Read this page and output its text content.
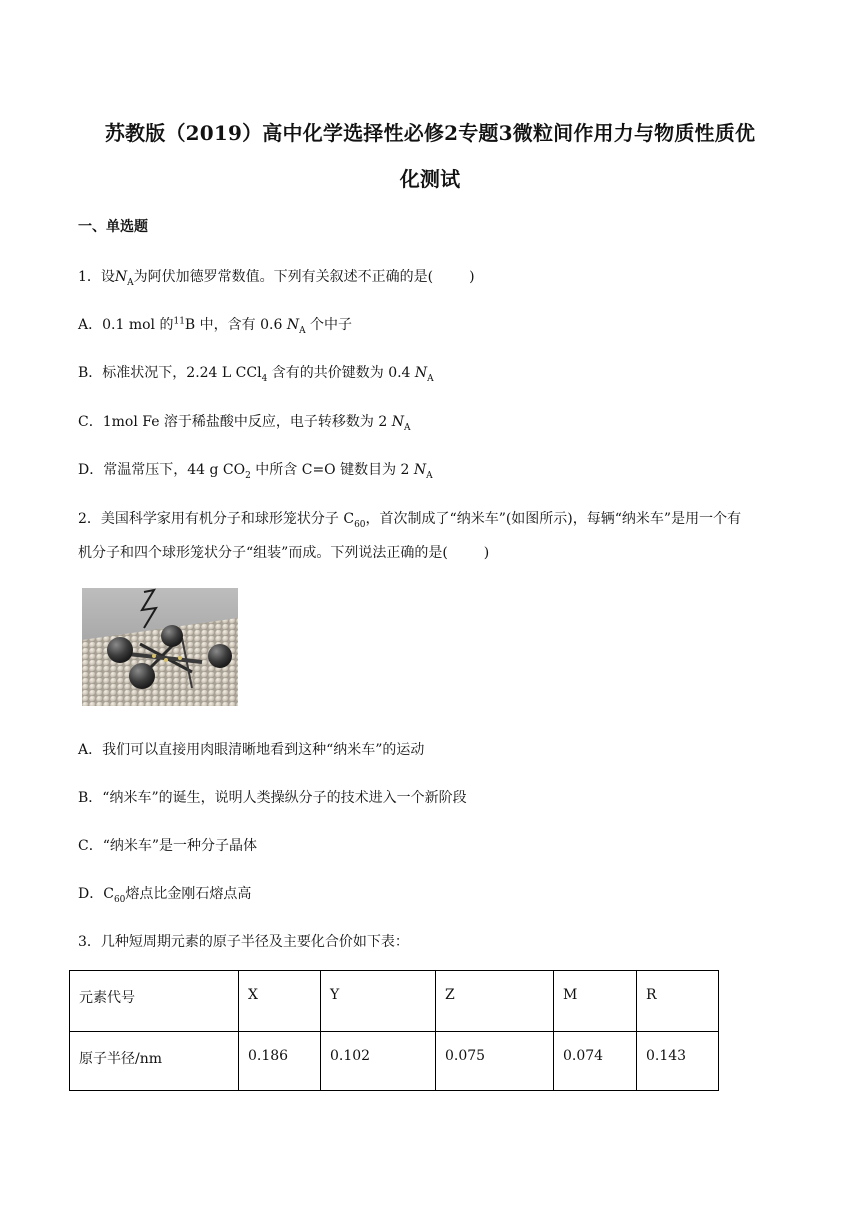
苏教版（2019）高中化学选择性必修2专题3微粒间作用力与物质性质优
化测试
一、单选题
1．设$N_A$为阿伏加德罗常数值。下列有关叙述不正确的是(	)
A．0.1 mol 的$^{11}$B 中，含有 0.6 $N_A$ 个中子
B．标准状况下，2.24 L CCl$_4$ 含有的共价键数为 0.4 $N_A$
C．1mol Fe 溶于稀盐酸中反应，电子转移数为 2 $N_A$
D．常温常压下，44 g $CO_2$ 中所含 C=O 键数目为 2 $N_A$
2．美国科学家用有机分子和球形笼状分子 $C_{60}$，首次制成了“纳米车”(如图所示)，每辆“纳米车”是用一个有
机分子和四个球形笼状分子“组装”而成。下列说法正确的是(	)
A．我们可以直接用肉眼清晰地看到这种“纳米车”的运动
B．“纳米车”的诞生，说明人类操纵分子的技术进入一个新阶段
C．“纳米车”是一种分子晶体
D．$C_{60}$熔点比金刚石熔点高
3．几种短周期元素的原子半径及主要化合价如下表：
元素代号	X	Y	Z	M	R
原子半径/nm	0.186	0.102	0.075	0.074	0.143
